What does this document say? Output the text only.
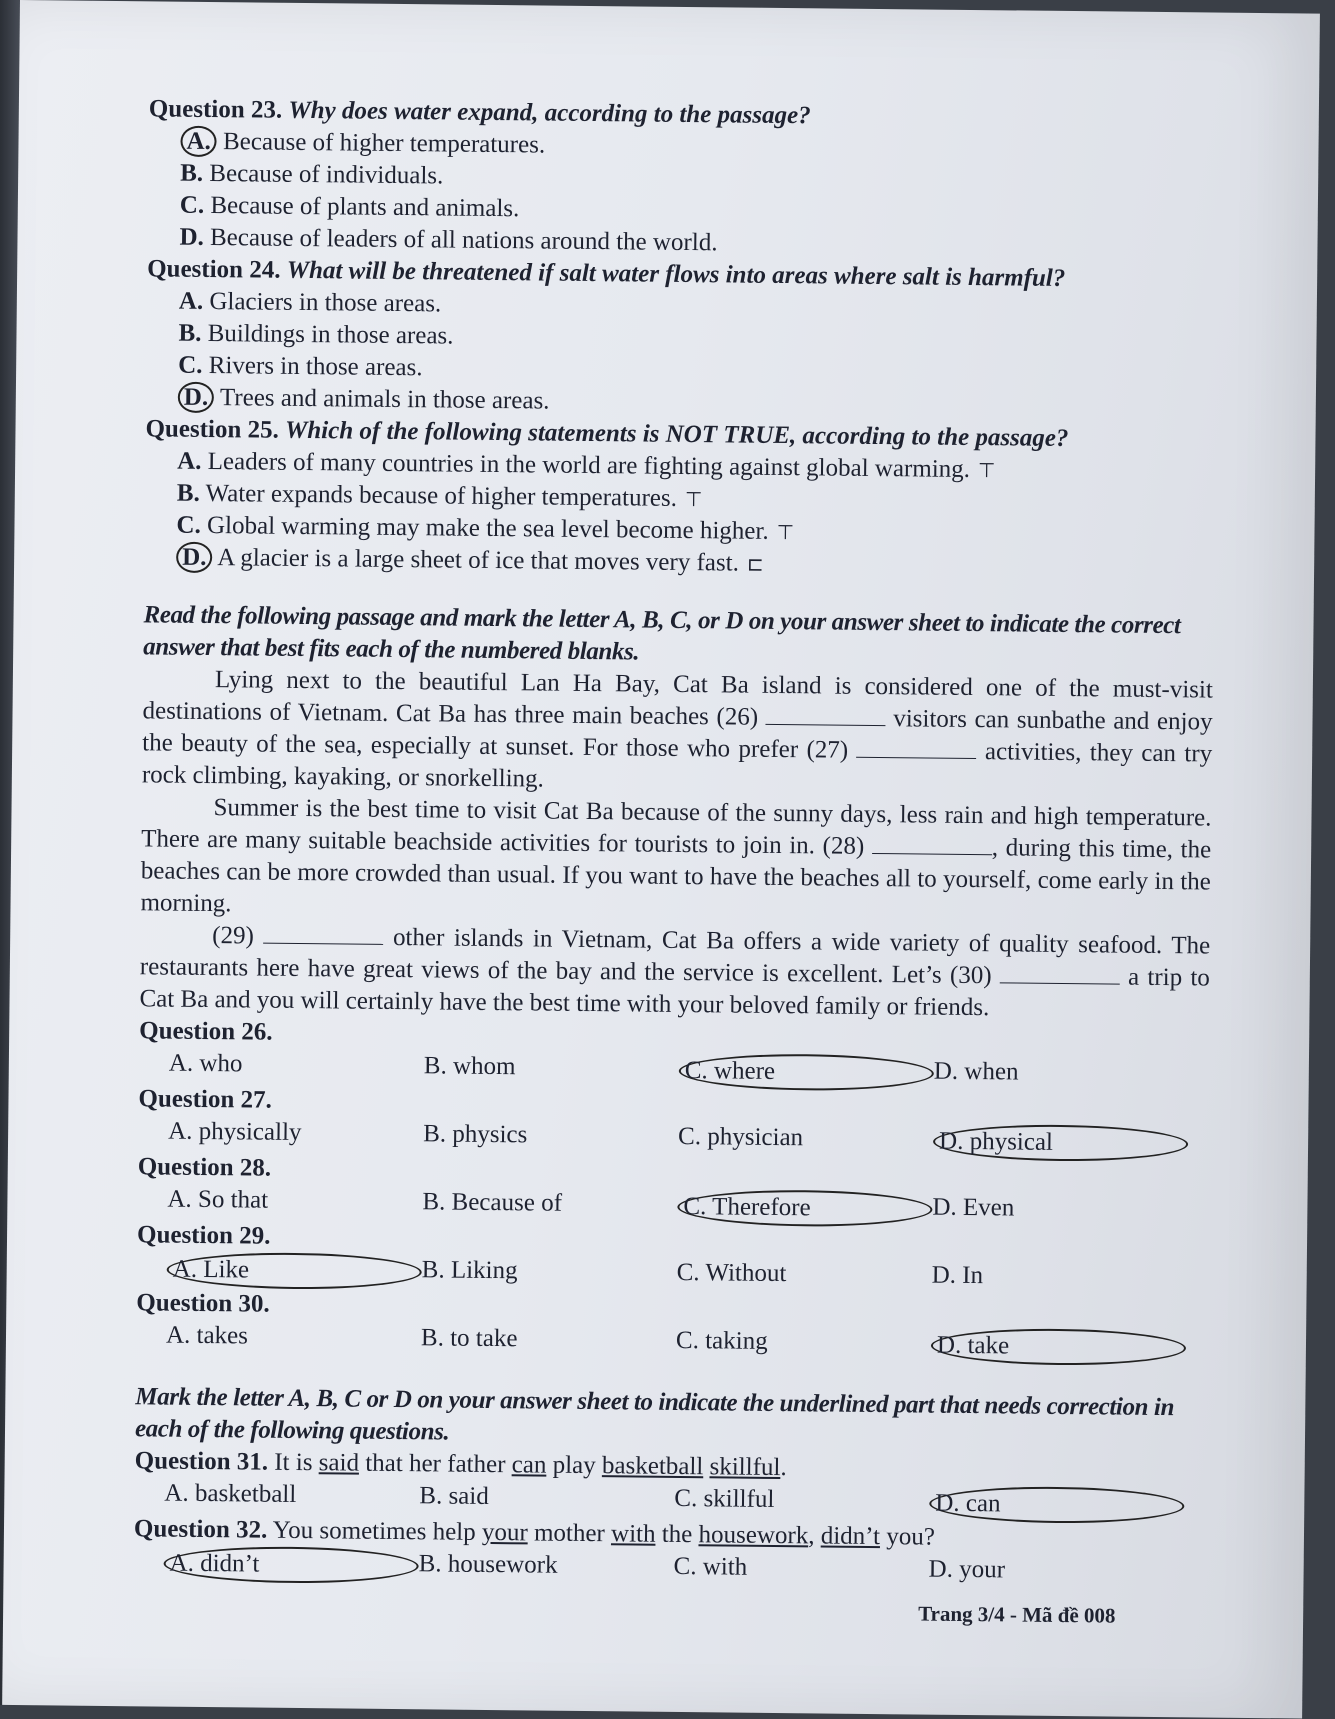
Question 23. Why does water expand, according to the passage?
A. Because of higher temperatures.
B. Because of individuals.
C. Because of plants and animals.
D. Because of leaders of all nations around the world.
Question 24. What will be threatened if salt water flows into areas where salt is harmful?
A. Glaciers in those areas.
B. Buildings in those areas.
C. Rivers in those areas.
D. Trees and animals in those areas.
Question 25. Which of the following statements is NOT TRUE, according to the passage?
A. Leaders of many countries in the world are fighting against global warming. ⊤
B. Water expands because of higher temperatures. ⊤
C. Global warming may make the sea level become higher. ⊤
D. A glacier is a large sheet of ice that moves very fast. ⊏
Read the following passage and mark the letter A, B, C, or D on your answer sheet to indicate the correct answer that best fits each of the numbered blanks.
Lying next to the beautiful Lan Ha Bay, Cat Ba island is considered one of the must-visit destinations of Vietnam. Cat Ba has three main beaches (26)	visitors can sunbathe and enjoy the beauty of the sea, especially at sunset. For those who prefer (27)	activities, they can try rock climbing, kayaking, or snorkelling.
Summer is the best time to visit Cat Ba because of the sunny days, less rain and high temperature. There are many suitable beachside activities for tourists to join in. (28)	, during this time, the beaches can be more crowded than usual. If you want to have the beaches all to yourself, come early in the morning.
(29)	other islands in Vietnam, Cat Ba offers a wide variety of quality seafood. The restaurants here have great views of the bay and the service is excellent. Let’s (30)	a trip to Cat Ba and you will certainly have the best time with your beloved family or friends.
Question 26.
A. who	B. whom	C. where	D. when
Question 27.
A. physically	B. physics	C. physician	D. physical
Question 28.
A. So that	B. Because of	C. Therefore	D. Even
Question 29.
A. Like	B. Liking	C. Without	D. In
Question 30.
A. takes	B. to take	C. taking	D. take
Mark the letter A, B, C or D on your answer sheet to indicate the underlined part that needs correction in each of the following questions.
Question 31. It is said that her father can play basketball skillful.
A. basketball	B. said	C. skillful	D. can
Question 32. You sometimes help your mother with the housework, didn’t you?
A. didn’t	B. housework	C. with	D. your
Trang 3/4 - Mã đề 008
